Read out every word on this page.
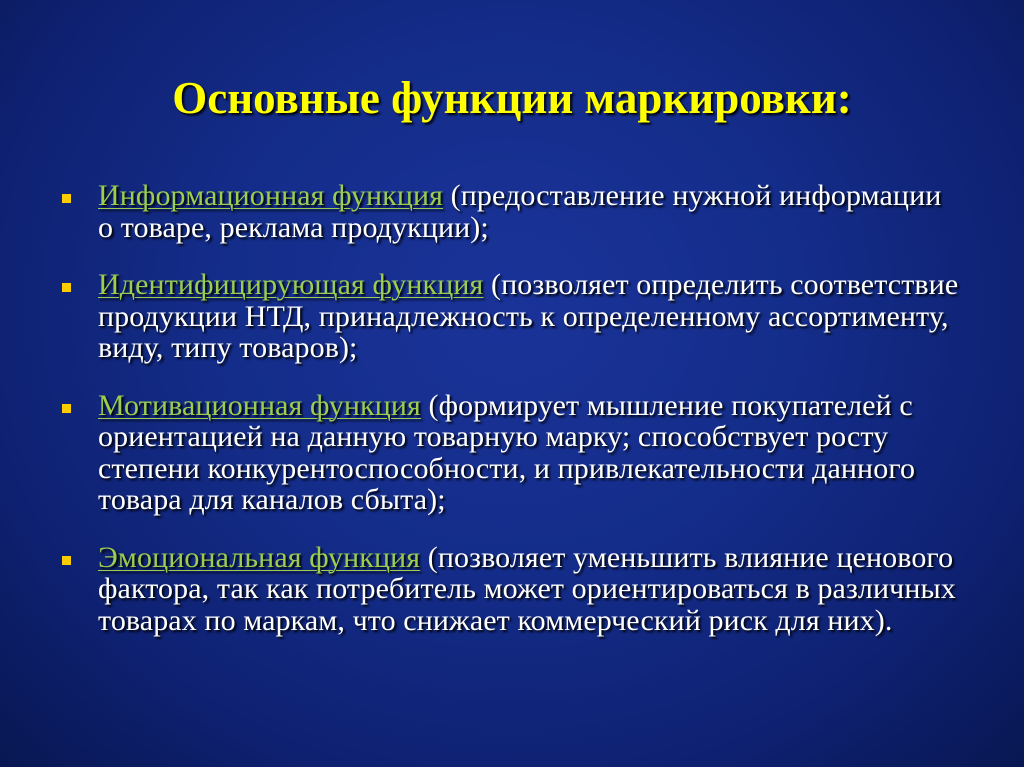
Основные функции маркировки:
Информационная функция (предоставление нужной информации о товаре, реклама продукции);
Идентифицирующая функция (позволяет определить соответствие продукции НТД, принадлежность к определенному ассортименту, виду, типу товаров);
Мотивационная функция (формирует мышление покупателей с ориентацией на данную товарную марку; способствует росту степени конкурентоспособности, и привлекательности данного товара для каналов сбыта);
Эмоциональная функция (позволяет уменьшить влияние ценового фактора, так как потребитель может ориентироваться в различных товарах по маркам, что снижает коммерческий риск для них).
